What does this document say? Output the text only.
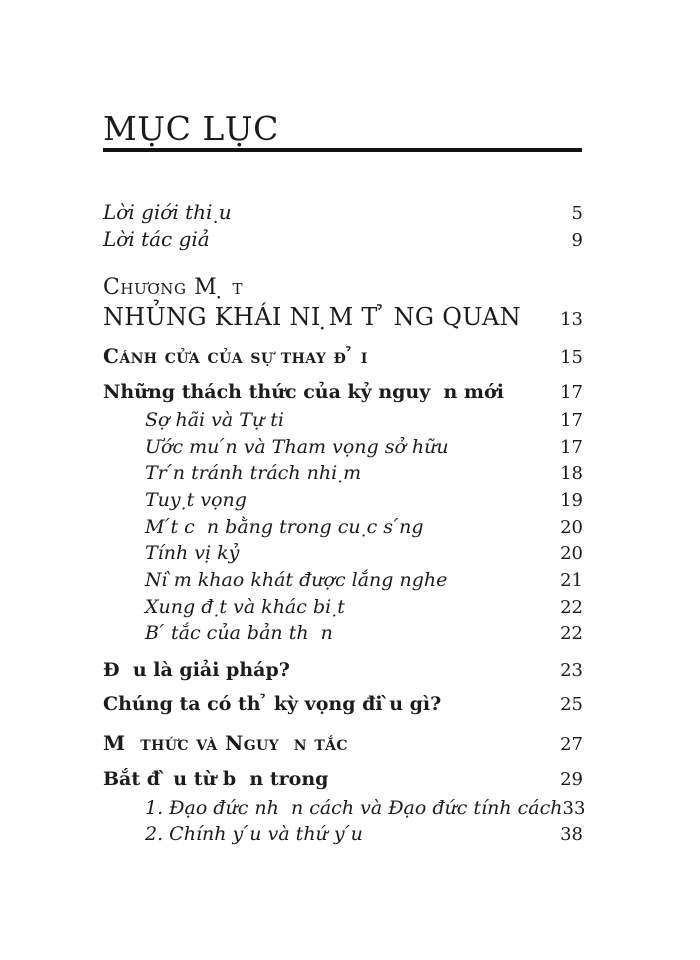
MỤC LỤC
Lời giới thi ̣u	5
Lời tác giả	9
Chương M ̣ t
NHỦNG KHÁI NI ̣M T ̉ NG QUAN 13
Cánh cửa của sự thay đ ̉ i	15
Những thách thức của kỷ nguy  n mới	17
Sợ hãi và Tự ti	17
Ước mu ́n và Tham vọng sở hữu	17
Tr ́n tránh trách nhi ̣m	18
Tuy ̣t vọng	19
M ́t c  n bằng trong cu ̣c s ́ng	20
Tính vị kỷ	20
Ni ̀m khao khát được lắng nghe	21
Xung đ ̣t và khác bi ̣t	22
B ́ tắc của bản th  n	22
Đ  u là giải pháp?	23
Chúng ta có th ̉ kỳ vọng đi ̀u gì?	25
M  thức và Nguy  n tắc	27
Bắt đ ̀ u từ b  n trong	29
1. Đạo đức nh  n cách và Đạo đức tính cách 33
2. Chính y ́u và thứ y ́u	38
